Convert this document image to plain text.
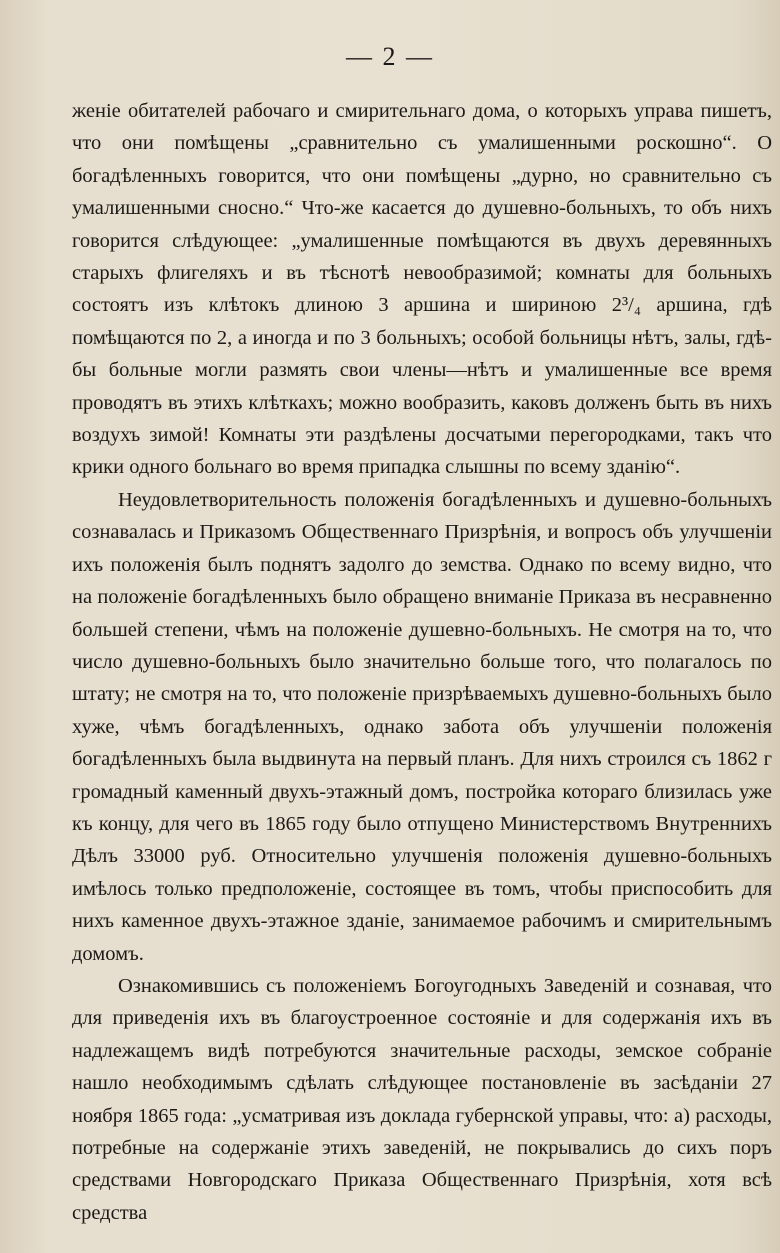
— 2 —

женіе обитателей рабочаго и смирительнаго дома, о которыхъ управа пишетъ, что они помѣщены „сравнительно съ умалишенными роскошно“. О богадѣленныхъ говорится, что они помѣщены „дурно, но сравнительно съ умалишенными сносно.“ Что-же касается до душевно-больныхъ, то объ нихъ говорится слѣдующее: „умалишенные помѣщаются въ двухъ деревянныхъ старыхъ флигеляхъ и въ тѣснотѣ невообразимой; комнаты для больныхъ состоятъ изъ клѣтокъ длиною 3 аршина и шириною 2³/₄ аршина, гдѣ помѣщаются по 2, а иногда и по 3 больныхъ; особой больницы нѣтъ, залы, гдѣ-бы больные могли размять свои члены—нѣтъ и умалишенные все время проводятъ въ этихъ клѣткахъ; можно вообразить, каковъ долженъ быть въ нихъ воздухъ зимой! Комнаты эти раздѣлены досчатыми перегородками, такъ что крики одного больнаго во время припадка слышны по всему зданію“.

Неудовлетворительность положенія богадѣленныхъ и душевно-больныхъ сознавалась и Приказомъ Общественнаго Призрѣнія, и вопросъ объ улучшеніи ихъ положенія былъ поднятъ задолго до земства. Однако по всему видно, что на положеніе богадѣленныхъ было обращено вниманіе Приказа въ несравненно большей степени, чѣмъ на положеніе душевно-больныхъ. Не смотря на то, что число душевно-больныхъ было значительно больше того, что полагалось по штату; не смотря на то, что положеніе призрѣваемыхъ душевно-больныхъ было хуже, чѣмъ богадѣленныхъ, однако забота объ улучшеніи положенія богадѣленныхъ была выдвинута на первый планъ. Для нихъ строился съ 1862 г громадный каменный двухъ-этажный домъ, постройка котораго близилась уже къ концу, для чего въ 1865 году было отпущено Министерствомъ Внутреннихъ Дѣлъ 33000 руб. Относительно улучшенія положенія душевно-больныхъ имѣлось только предположеніе, состоящее въ томъ, чтобы приспособить для нихъ каменное двухъ-этажное зданіе, занимаемое рабочимъ и смирительнымъ домомъ.

Ознакомившись съ положеніемъ Богоугодныхъ Заведеній и сознавая, что для приведенія ихъ въ благоустроенное состояніе и для содержанія ихъ въ надлежащемъ видѣ потребуются значительные расходы, земское собраніе нашло необходимымъ сдѣлать слѣдующее постановленіе въ засѣданіи 27 ноября 1865 года: „усматривая изъ доклада губернской управы, что: а) расходы, потребные на содержаніе этихъ заведеній, не покрывались до сихъ поръ средствами Новгородскаго Приказа Общественнаго Призрѣнія, хотя всѣ средства
